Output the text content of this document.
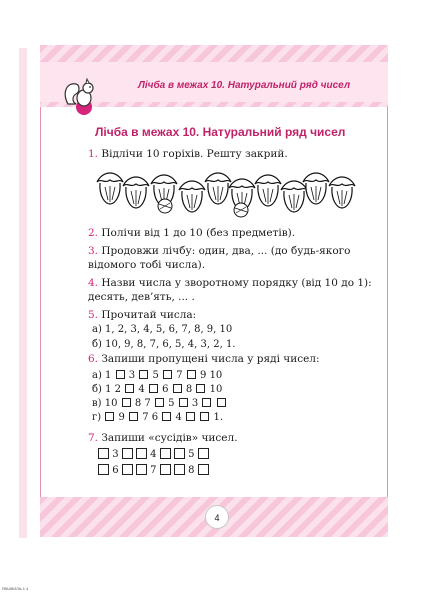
Лічба в межах 10. Натуральний ряд чисел
4
ЯКШКИЛА-1 4
Лічба в межах 10. Натуральний ряд чисел
1. Відлічи 10 горіхів. Решту закрий.
2. Полічи від 1 до 10 (без предметів).
3. Продовжи лічбу: один, два, ... (до будь-якого
відомого тобі числа).
4. Назви числа у зворотному порядку (від 10 до 1):
десять, дев’ять, ... .
5. Прочитай числа:
а) 1, 2, 3, 4, 5, 6, 7, 8, 9, 10
б) 10, 9, 8, 7, 6, 5, 4, 3, 2, 1.
6. Запиши пропущені числа у ряді чисел:
а) 1 3 5 7 9 10
б) 1 2 4 6 8 10
в) 10 8 7 5 3
г) 9 7 6 4	1.
7. Запиши «сусідів» чисел.
3	4	5
6	7	8
